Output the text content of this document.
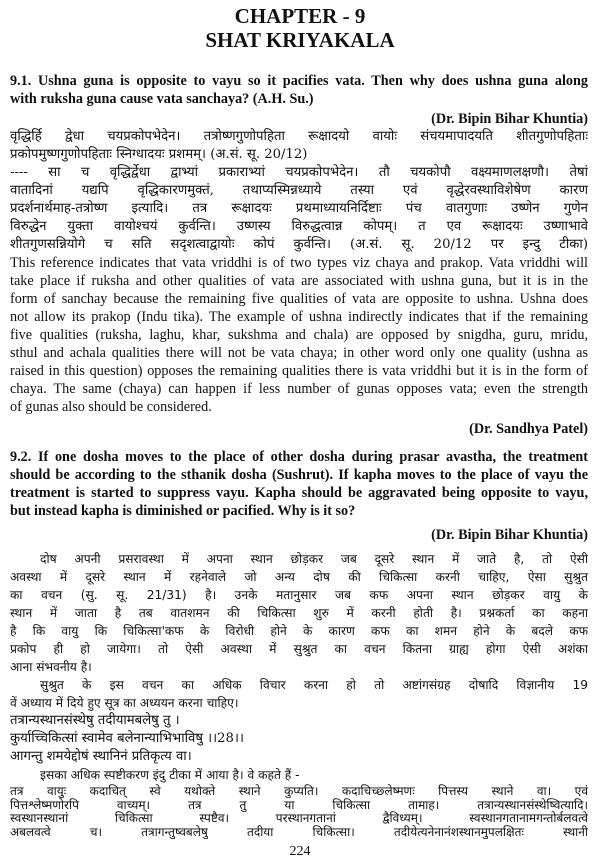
CHAPTER - 9
SHAT KRIYAKALA
9.1. Ushna guna is opposite to vayu so it pacifies vata. Then why does ushna guna along
with ruksha guna cause vata sanchaya? (A.H. Su.)
(Dr. Bipin Bihar Khuntia)
वृद्धिर्हि द्वेधा चयप्रकोपभेदेन। तत्रोष्णगुणोपहिता रूक्षादयो वायोः संचयमापादयति शीतगुणोपहिताः
प्रकोपमुष्णगुणोपहिताः स्निग्धादयः प्रशमम्। (अ.सं. सू. 20/12)
---- सा च वृद्धिर्द्वेधा द्वाभ्यां प्रकाराभ्यां चयप्रकोपभेदेन। तौ चयकोपौ वक्ष्यमाणलक्षणौ। तेषां
वातादिनां यद्यपि वृद्धिकारणमुक्तं, तथाप्यस्मिन्नध्याये तस्या एवं वृद्धेरवस्थाविशेषेण कारण
प्रदर्शनार्थमाह-तत्रोष्ण इत्यादि। तत्र रूक्षादयः प्रथमाध्यायनिर्दिष्टाः पंच वातगुणाः उष्णेन गुणेन
विरुद्धेन युक्ता वायोश्चयं कुर्वन्ति। उष्णस्य विरुद्धत्वान्न कोपम्। त एव रूक्षादयः उष्णाभावे
शीतगुणसन्नियोगे च सति सदृशत्वाद्वायोः कोपं कुर्वन्ति। (अ.सं. सू. 20/12 पर इन्दु टीका)
This reference indicates that vata vriddhi is of two types viz chaya and prakop. Vata vriddhi will
take place if ruksha and other qualities of vata are associated with ushna guna, but it is in the
form of sanchay because the remaining five qualities of vata are opposite to ushna. Ushna does
not allow its prakop (Indu tika). The example of ushna indirectly indicates that if the remaining
five qualities (ruksha, laghu, khar, sukshma and chala) are opposed by snigdha, guru, mridu,
sthul and achala qualities there will not be vata chaya; in other word only one quality (ushna as
raised in this question) opposes the remaining qualities there is vata vriddhi but it is in the form of
chaya. The same (chaya) can happen if less number of gunas opposes vata; even the strength
of gunas also should be considered.
(Dr. Sandhya Patel)
9.2. If one dosha moves to the place of other dosha during prasar avastha, the treatment
should be according to the sthanik dosha (Sushrut). If kapha moves to the place of vayu the
treatment is started to suppress vayu. Kapha should be aggravated being opposite to vayu,
but instead kapha is diminished or pacified. Why is it so?
(Dr. Bipin Bihar Khuntia)
दोष अपनी प्रसरावस्था में अपना स्थान छोड़कर जब दूसरे स्थान में जाते है, तो ऐसी
अवस्था में दूसरे स्थान में रहनेवाले जो अन्य दोष की चिकित्सा करनी चाहिए, ऐसा सुश्रुत
का वचन (सु. सू. 21/31) है। उनके मतानुसार जब कफ अपना स्थान छोड़कर वायु के
स्थान में जाता है तब वातशमन की चिकित्सा शुरु में करनी होती है। प्रश्नकर्ता का कहना
है कि वायु कि चिकित्सा'कफ के विरोधी होने के कारण कफ का शमन होने के बदले कफ
प्रकोप ही हो जायेगा। तो ऐसी अवस्था में सुश्रुत का वचन कितना ग्राह्य होगा ऐसी अशंका
आना संभवनीय है।
सुश्रुत के इस वचन का अधिक विचार करना हो तो अष्टांगसंग्रह दोषादि विज्ञानीय 19
वें अध्याय में दिये हुए सूत्र का अध्ययन करना चाहिए।
तत्रान्यस्थानसंस्थेषु तदीयामबलेषु तु ।
कुर्याच्चिकित्सां स्वामेव बलेनान्याभिभाविषु ।।28।।
आगन्तु शमयेद्दोषं स्थानिनं प्रतिकृत्य वा।
इसका अधिक स्पष्टीकरण इंदु टीका में आया है। वे कहते हैं -
तत्र वायुः कदाचित् स्वे यथोक्ते स्थाने कुप्यति। कदाचिच्छ्लेष्मणः पित्तस्य स्थाने वा। एवं
पित्तश्लेष्मणोरपि वाच्यम्। तत्र तु या चिकित्सा तामाह। तत्रान्यस्थानसंस्थेष्वित्यादि।
स्वस्थानस्थानां चिकित्सा स्पष्टैव। परस्थानगतानां द्वैविध्यम्। स्वस्थानगतानामगन्तोर्बलवत्वे
अबलवत्वे च। तत्रागन्तुष्वबलेषु तदीया चिकित्सा। तदीयेत्यनेनानंशस्थानमुपलक्षितः स्थानी
224
